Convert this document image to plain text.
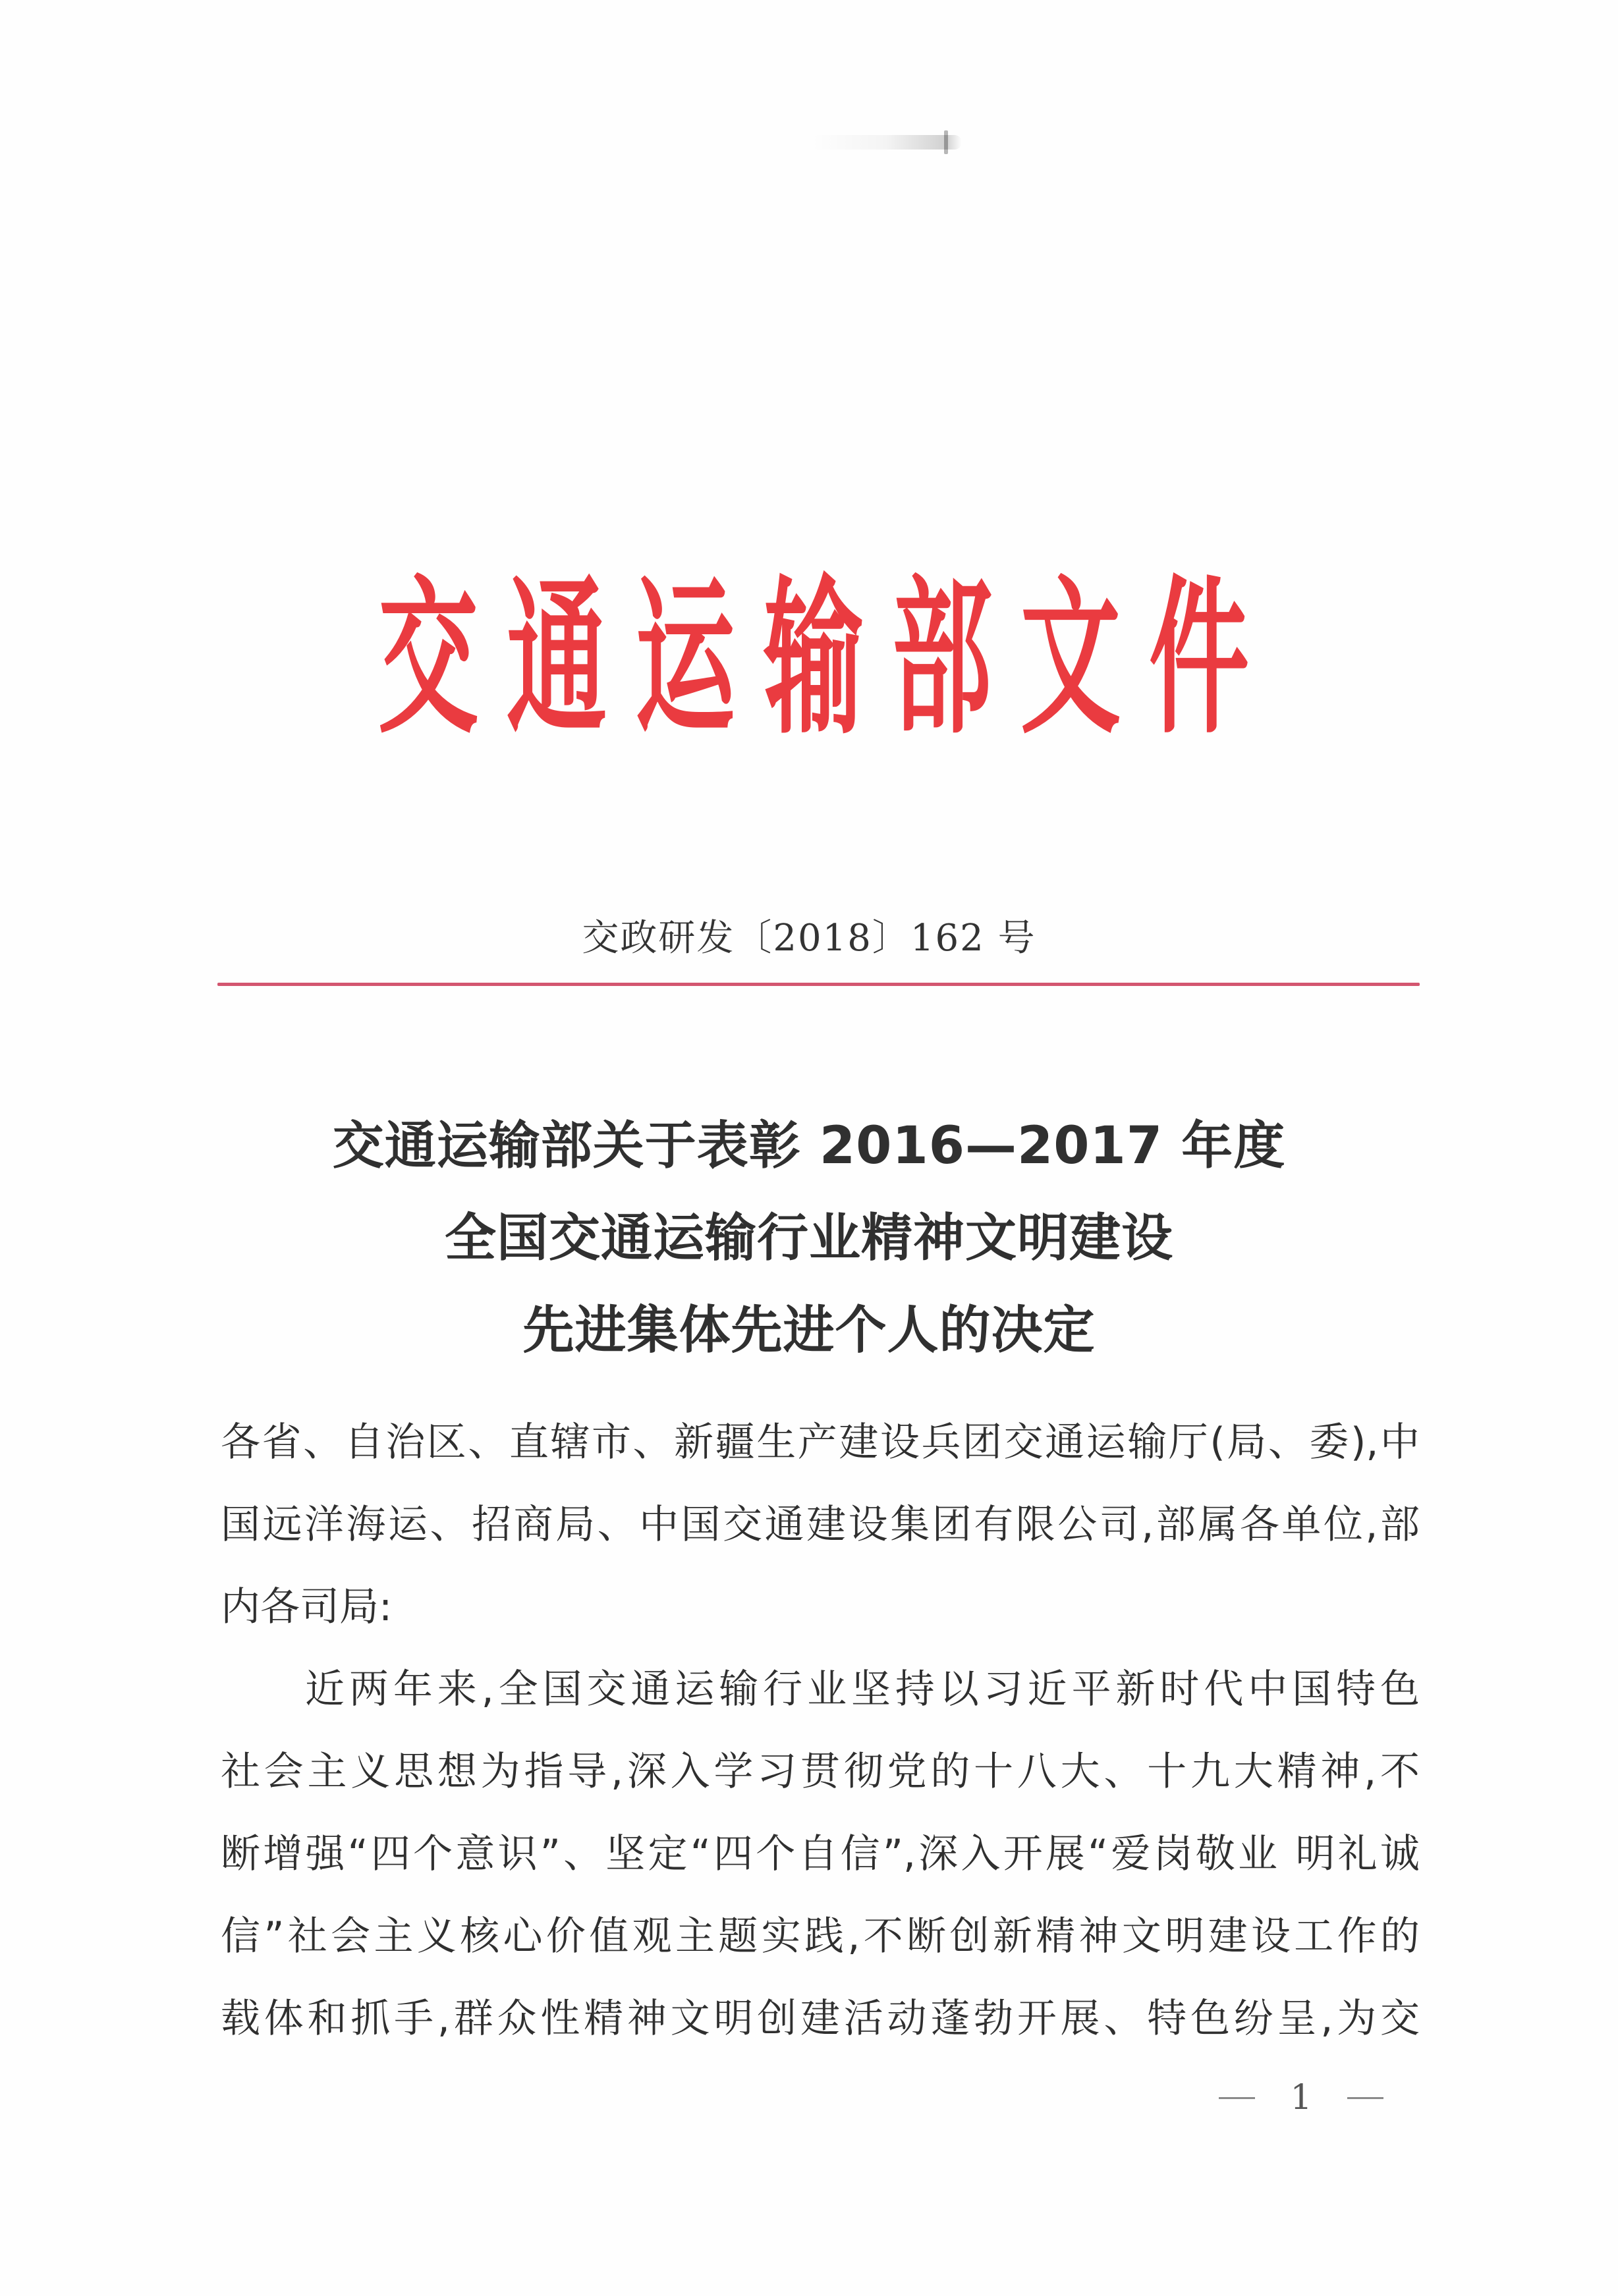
交 通 运 输 部 文 件
交政研发〔2018〕162 号
交通运输部关于表彰 2016—2017 年度
全国交通运输行业精神文明建设
先进集体先进个人的决定
各省、自治区、直辖市、新疆生产建设兵团交通运输厅(局、委),中
国远洋海运、招商局、中国交通建设集团有限公司,部属各单位,部
内各司局:
近两年来,全国交通运输行业坚持以习近平新时代中国特色
社会主义思想为指导,深入学习贯彻党的十八大、十九大精神,不
断增强“四个意识”、坚定“四个自信”,深入开展“爱岗敬业 明礼诚
信”社会主义核心价值观主题实践,不断创新精神文明建设工作的
载体和抓手,群众性精神文明创建活动蓬勃开展、特色纷呈,为交
1
